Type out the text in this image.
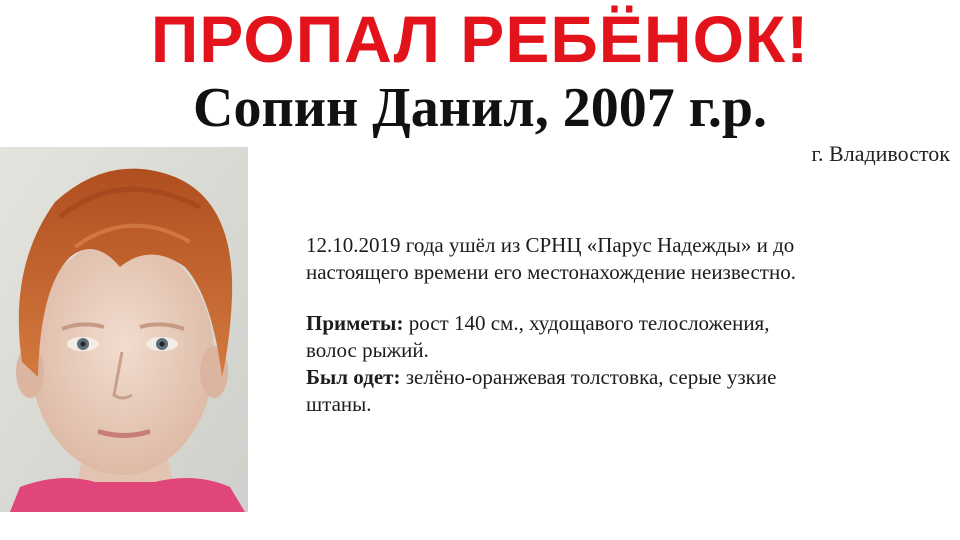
ПРОПАЛ РЕБЁНОК!
Сопин Данил, 2007 г.р.
г. Владивосток

12.10.2019 года ушёл из СРНЦ «Парус Надежды» и до

настоящего времени его местонахождение неизвестно.

Приметы: рост 140 см., худощавого телосложения,

волос рыжий.

Был одет: зелёно-оранжевая толстовка, серые узкие

штаны.
